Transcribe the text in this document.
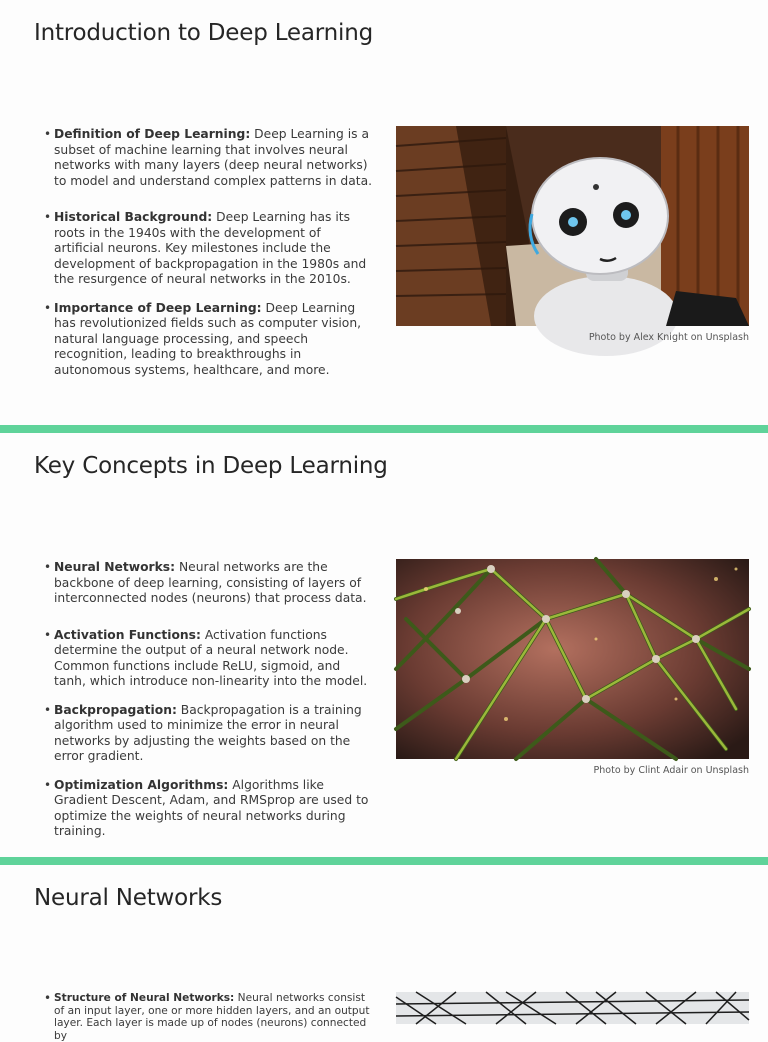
Introduction to Deep Learning
• Definition of Deep Learning: Deep Learning is a subset of machine learning that involves neural networks with many layers (deep neural networks) to model and understand complex patterns in data.
• Historical Background: Deep Learning has its roots in the 1940s with the development of artificial neurons. Key milestones include the development of backpropagation in the 1980s and the resurgence of neural networks in the 2010s.
• Importance of Deep Learning: Deep Learning has revolutionized fields such as computer vision, natural language processing, and speech recognition, leading to breakthroughs in autonomous systems, healthcare, and more.
Photo by Alex Knight on Unsplash
Key Concepts in Deep Learning
• Neural Networks: Neural networks are the backbone of deep learning, consisting of layers of interconnected nodes (neurons) that process data.
• Activation Functions: Activation functions determine the output of a neural network node. Common functions include ReLU, sigmoid, and tanh, which introduce non-linearity into the model.
• Backpropagation: Backpropagation is a training algorithm used to minimize the error in neural networks by adjusting the weights based on the error gradient.
• Optimization Algorithms: Algorithms like Gradient Descent, Adam, and RMSprop are used to optimize the weights of neural networks during training.
Photo by Clint Adair on Unsplash
Neural Networks
• Structure of Neural Networks: Neural networks consist of an input layer, one or more hidden layers, and an output layer. Each layer is made up of nodes (neurons) connected by
